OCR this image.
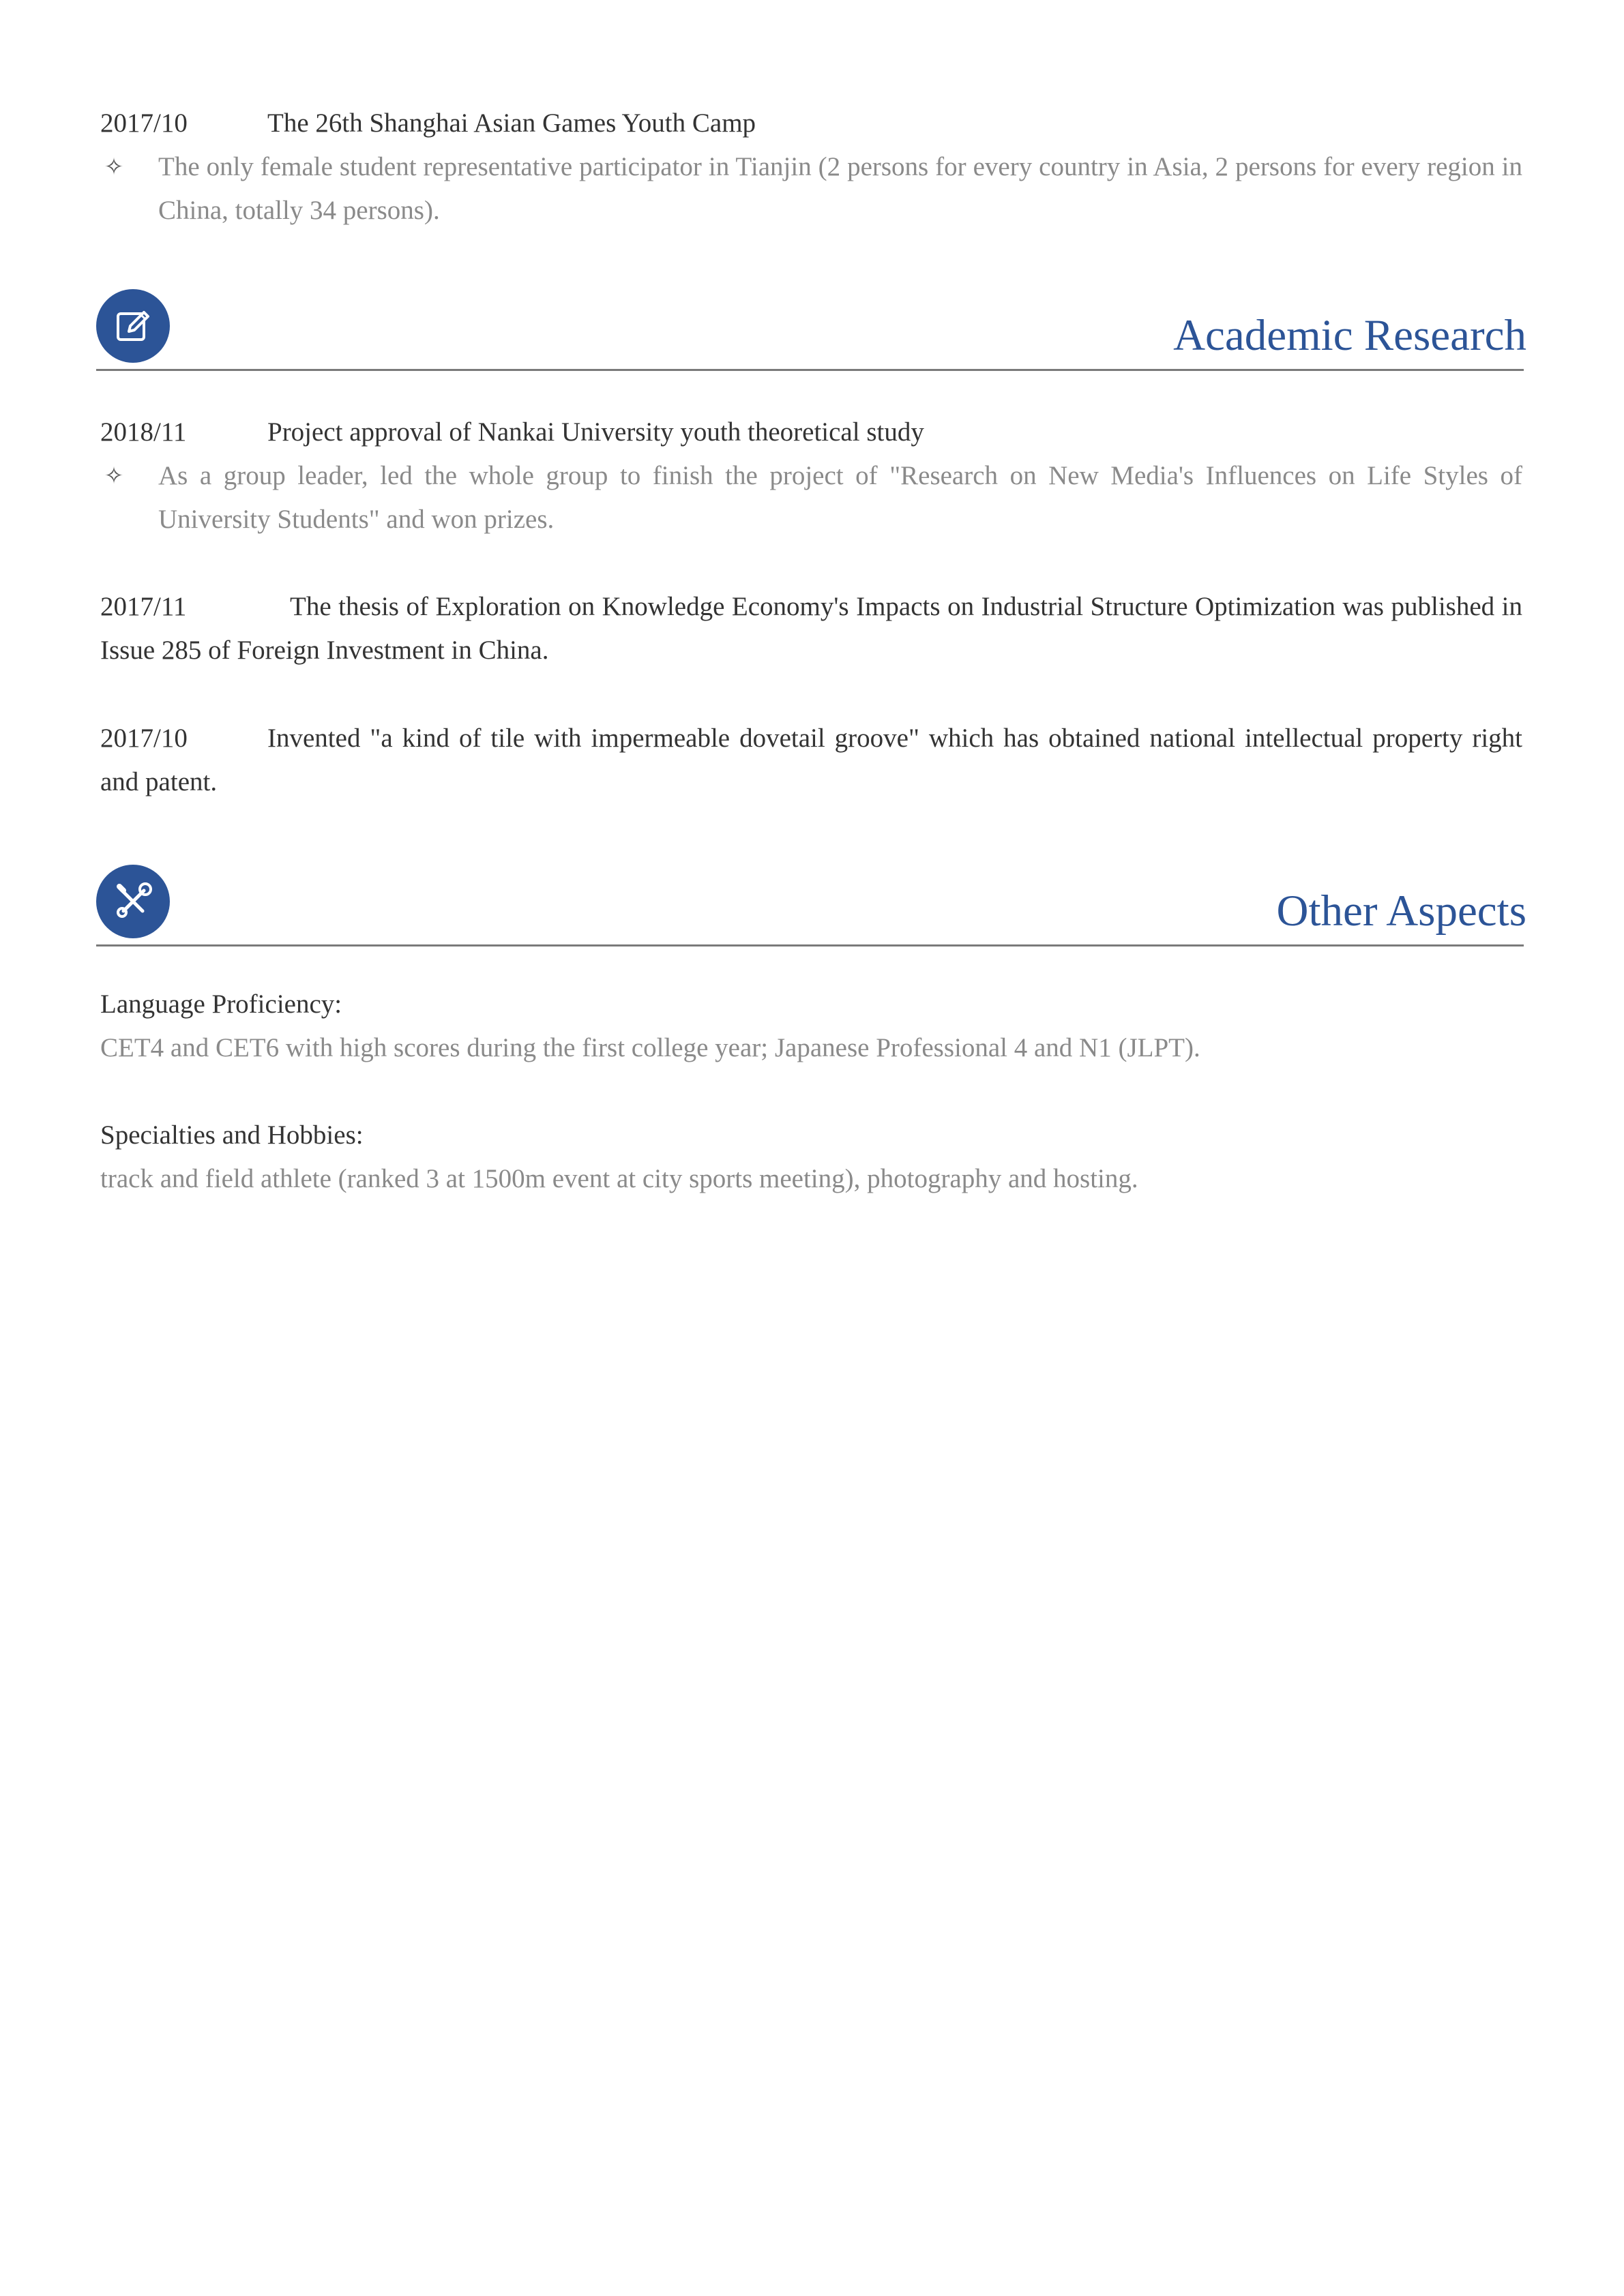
2017/10	The 26th Shanghai Asian Games Youth Camp
✧ The only female student representative participator in Tianjin (2 persons for every country in Asia, 2 persons for every region in China, totally 34 persons).
Academic Research
2018/11	Project approval of Nankai University youth theoretical study
✧ As a group leader, led the whole group to finish the project of "Research on New Media's Influences on Life Styles of University Students" and won prizes.
2017/11	The thesis of Exploration on Knowledge Economy's Impacts on Industrial Structure Optimization was published in Issue 285 of Foreign Investment in China.
2017/10	Invented "a kind of tile with impermeable dovetail groove" which has obtained national intellectual property right and patent.
Other Aspects
Language Proficiency:
CET4 and CET6 with high scores during the first college year; Japanese Professional 4 and N1 (JLPT).
Specialties and Hobbies:
track and field athlete (ranked 3 at 1500m event at city sports meeting), photography and hosting.
